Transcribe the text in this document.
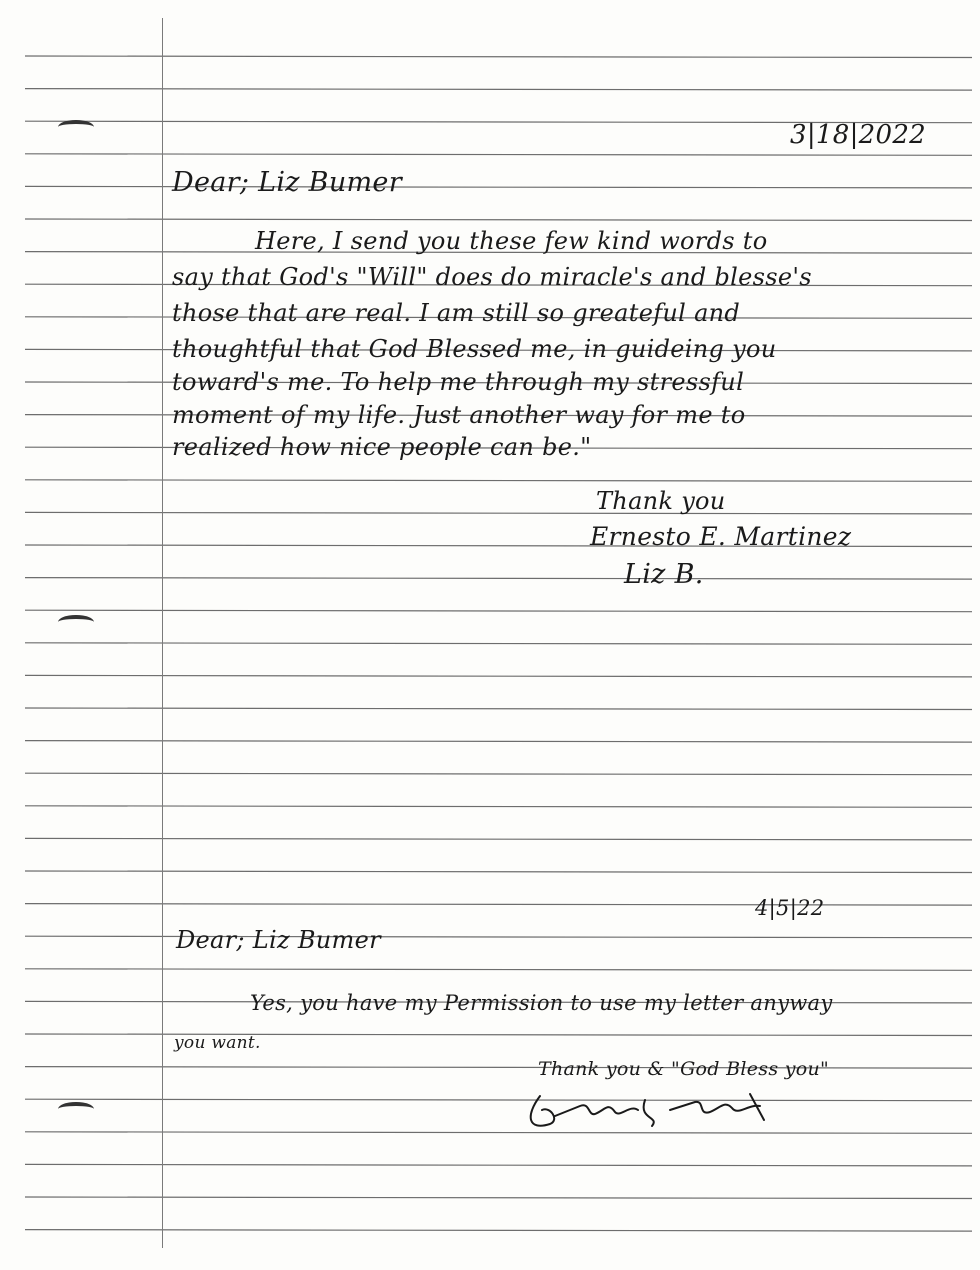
3|18|2022
Dear; Liz Bumer
Here, I send you these few kind words to
say that God's "Will" does do miracle's and blesse's
those that are real. I am still so greateful and
thoughtful that God Blessed me, in guideing you
toward's me. To help me through my stressful
moment of my life. Just another way for me to
realized how nice people can be."
Thank you
Ernesto E. Martinez
Liz B.
4|5|22
Dear; Liz Bumer
Yes, you have my Permission to use my letter anyway
you want.
Thank you & "God Bless you"
